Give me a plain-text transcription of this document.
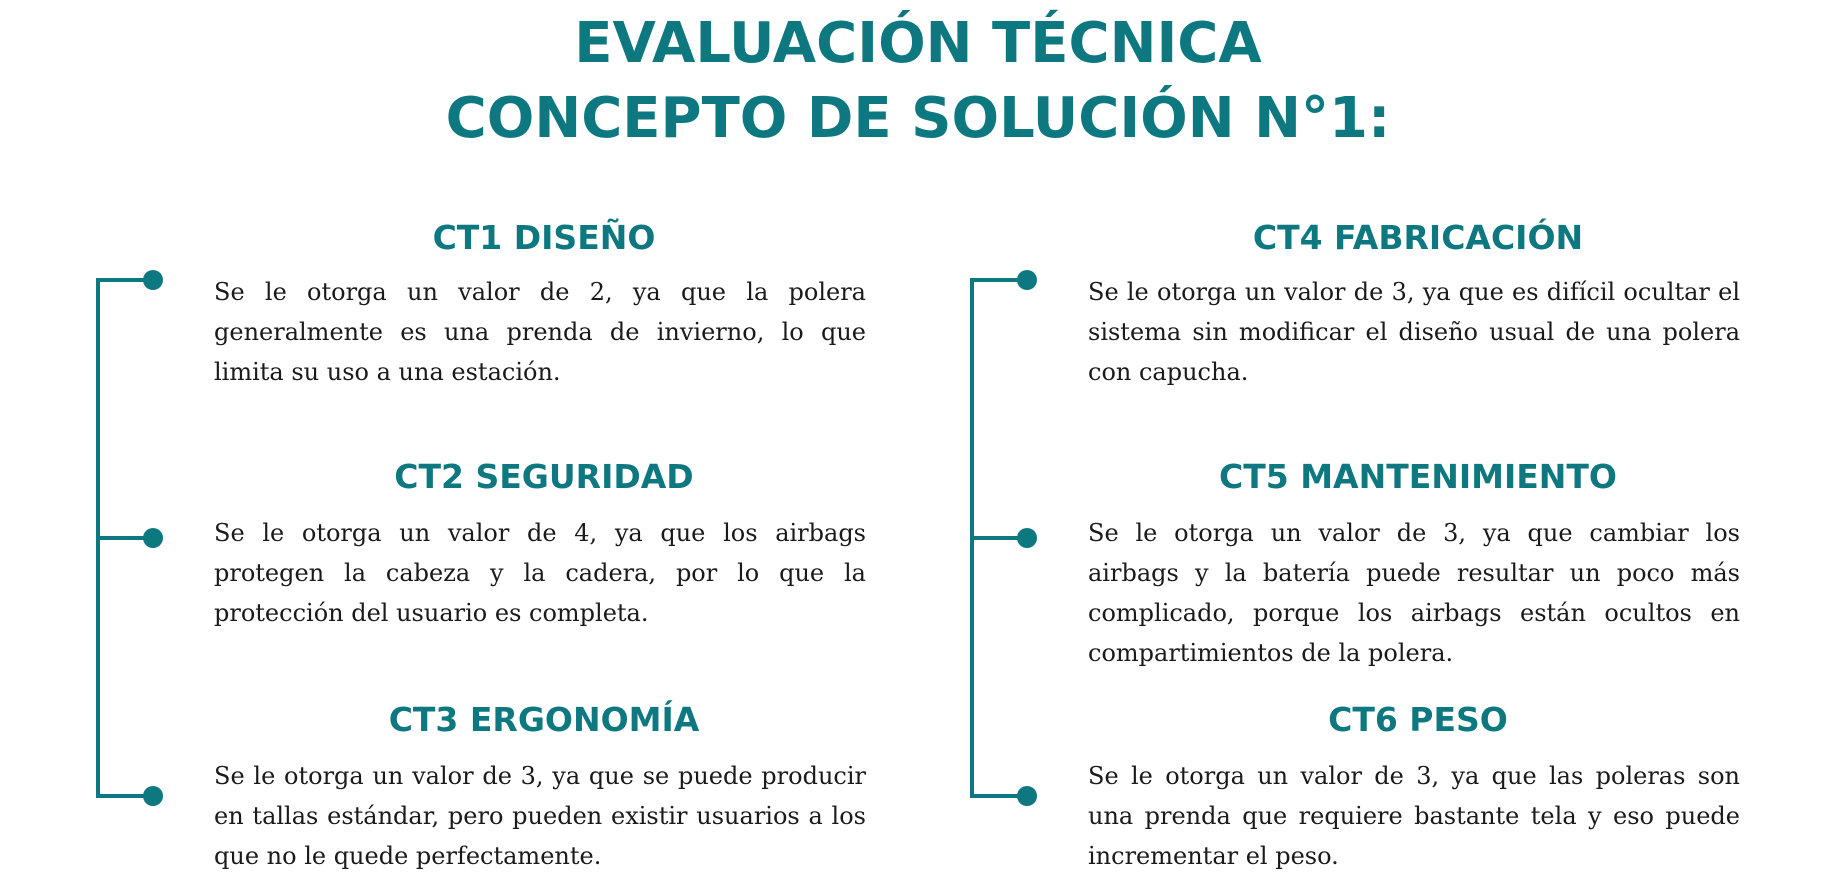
EVALUACIÓN TÉCNICA
CONCEPTO DE SOLUCIÓN N°1:
CT1 DISEÑO

Se le otorga un valor de 2, ya que la polera generalmente es una prenda de invierno, lo que limita su uso a una estación.

CT2 SEGURIDAD

Se le otorga un valor de 4, ya que los airbags protegen la cabeza y la cadera, por lo que la protección del usuario es completa.

CT3 ERGONOMÍA

Se le otorga un valor de 3, ya que se puede producir en tallas estándar, pero pueden existir usuarios a los que no le quede perfectamente.

CT4 FABRICACIÓN

Se le otorga un valor de 3, ya que es difícil ocultar el sistema sin modificar el diseño usual de una polera con capucha.

CT5 MANTENIMIENTO

Se le otorga un valor de 3, ya que cambiar los airbags y la batería puede resultar un poco más complicado, porque los airbags están ocultos en compartimientos de la polera.

CT6 PESO

Se le otorga un valor de 3, ya que las poleras son una prenda que requiere bastante tela y eso puede incrementar el peso.
